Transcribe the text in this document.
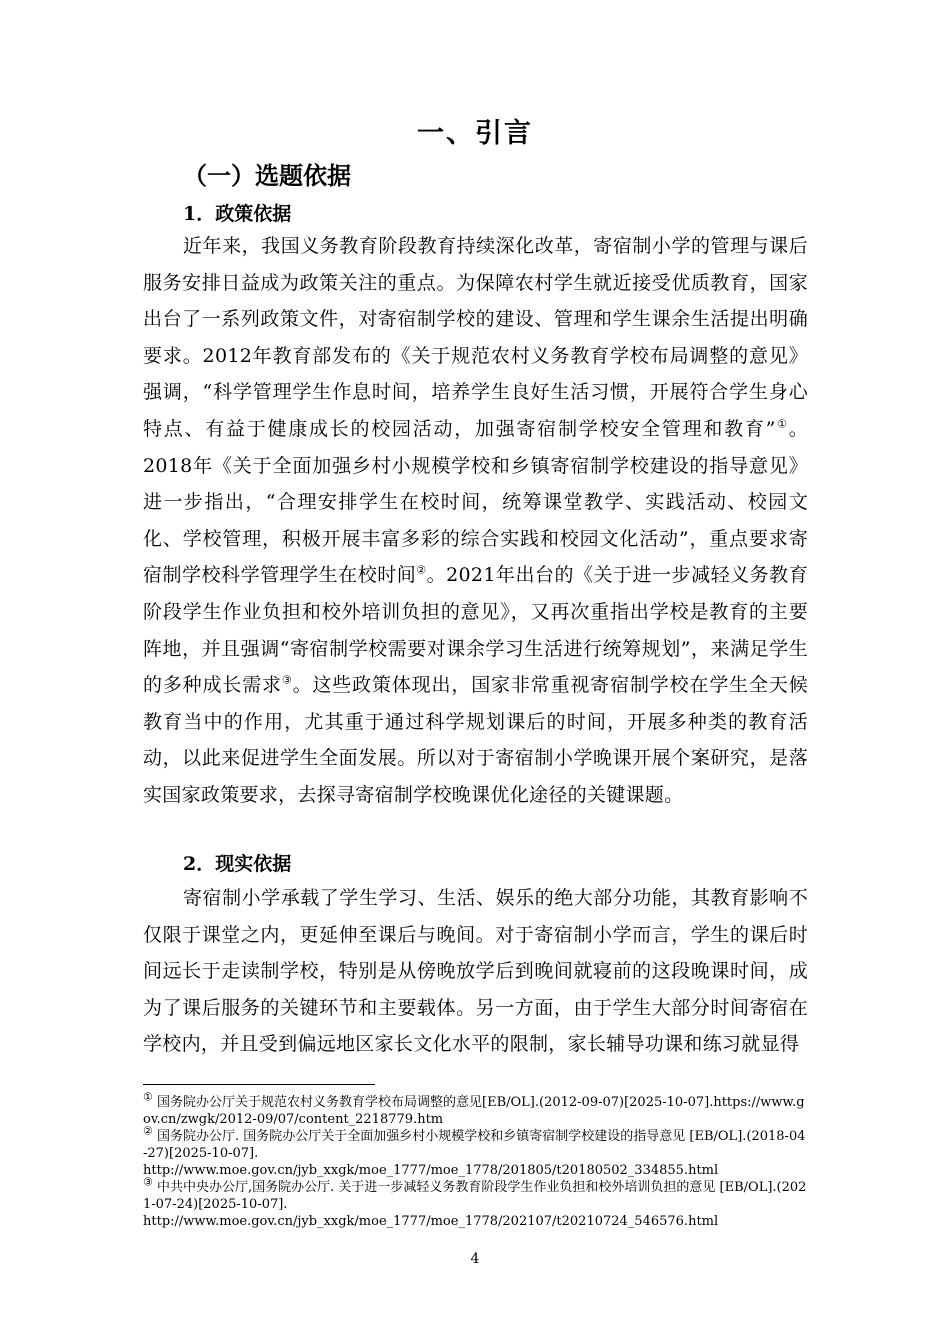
一、引言
（一）选题依据
1．政策依据

近年来，我国义务教育阶段教育持续深化改革，寄宿制小学的管理与课后服务安排日益成为政策关注的重点。为保障农村学生就近接受优质教育，国家出台了一系列政策文件，对寄宿制学校的建设、管理和学生课余生活提出明确要求。2012年教育部发布的《关于规范农村义务教育学校布局调整的意见》强调，“科学管理学生作息时间，培养学生良好生活习惯，开展符合学生身心特点、有益于健康成长的校园活动，加强寄宿制学校安全管理和教育”①。2018年《关于全面加强乡村小规模学校和乡镇寄宿制学校建设的指导意见》进一步指出，“合理安排学生在校时间，统筹课堂教学、实践活动、校园文化、学校管理，积极开展丰富多彩的综合实践和校园文化活动”，重点要求寄宿制学校科学管理学生在校时间②。2021年出台的《关于进一步减轻义务教育阶段学生作业负担和校外培训负担的意见》，又再次重指出学校是教育的主要阵地，并且强调“寄宿制学校需要对课余学习生活进行统筹规划”，来满足学生的多种成长需求③。这些政策体现出，国家非常重视寄宿制学校在学生全天候教育当中的作用，尤其重于通过科学规划课后的时间，开展多种类的教育活动，以此来促进学生全面发展。所以对于寄宿制小学晚课开展个案研究，是落实国家政策要求，去探寻寄宿制学校晚课优化途径的关键课题。

2．现实依据

寄宿制小学承载了学生学习、生活、娱乐的绝大部分功能，其教育影响不仅限于课堂之内，更延伸至课后与晚间。对于寄宿制小学而言，学生的课后时间远长于走读制学校，特别是从傍晚放学后到晚间就寝前的这段晚课时间，成为了课后服务的关键环节和主要载体。另一方面，由于学生大部分时间寄宿在学校内，并且受到偏远地区家长文化水平的限制，家长辅导功课和练习就显得

① 国务院办公厅关于规范农村义务教育学校布局调整的意见[EB/OL].(2012-09-07)[2025-10-07].https://www.gov.cn/zwgk/2012-09/07/content_2218779.htm

② 国务院办公厅. 国务院办公厅关于全面加强乡村小规模学校和乡镇寄宿制学校建设的指导意见 [EB/OL].(2018-04-27)[2025-10-07].
http://www.moe.gov.cn/jyb_xxgk/moe_1777/moe_1778/201805/t20180502_334855.html

③ 中共中央办公厅,国务院办公厅. 关于进一步减轻义务教育阶段学生作业负担和校外培训负担的意见 [EB/OL].(2021-07-24)[2025-10-07].
http://www.moe.gov.cn/jyb_xxgk/moe_1777/moe_1778/202107/t20210724_546576.html

4
